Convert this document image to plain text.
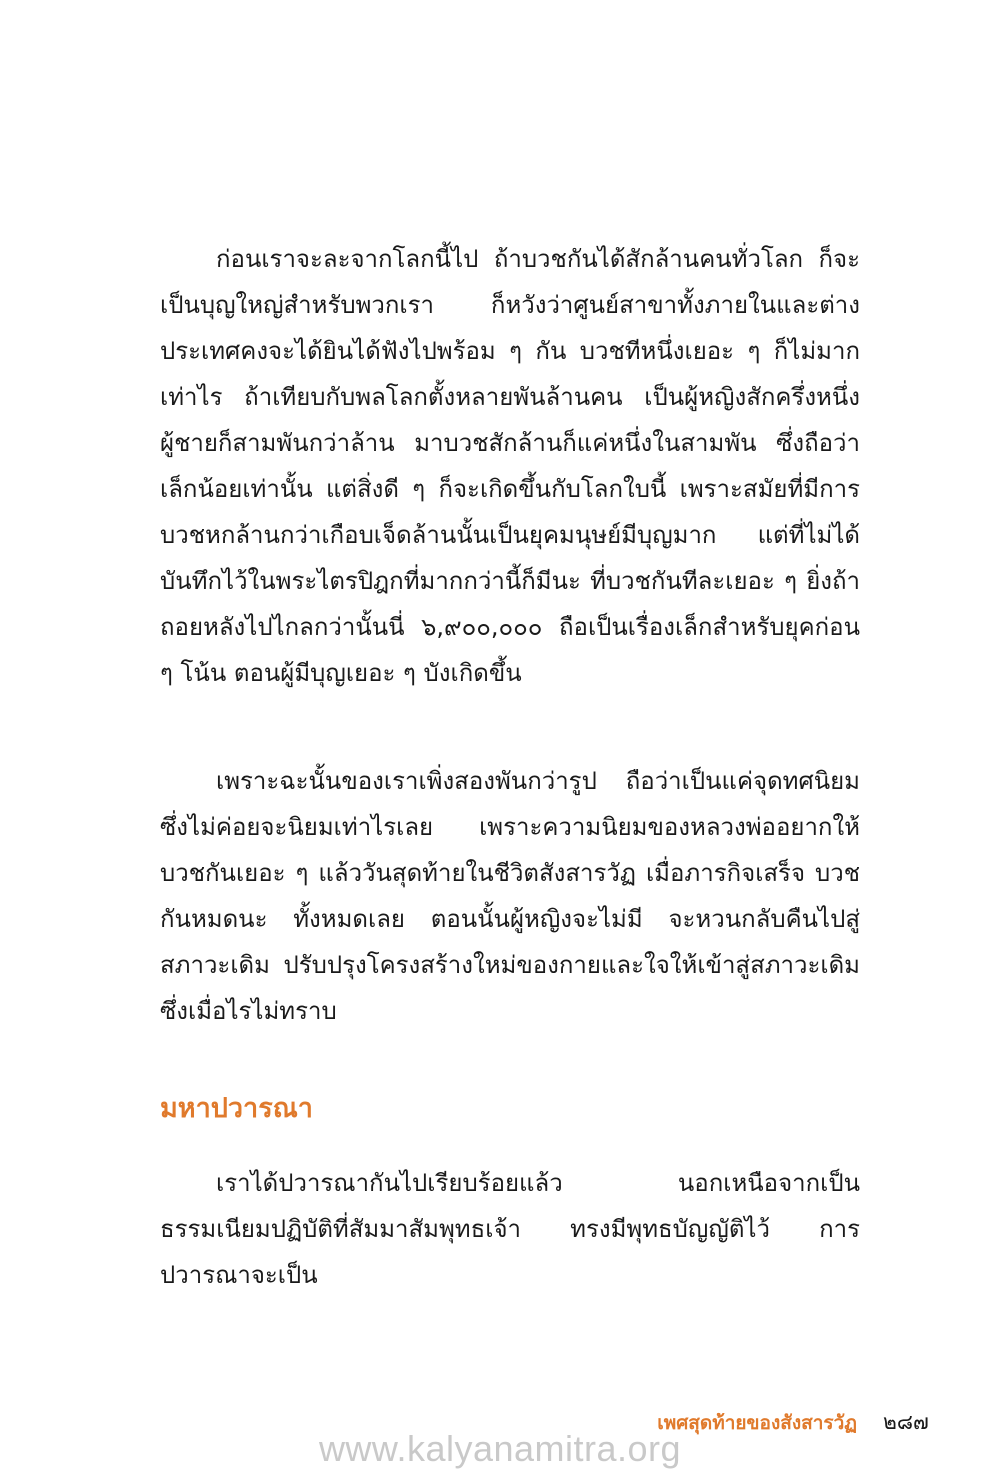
ก่อนเราจะละจากโลกนี้ไป ถ้าบวชกันได้สักล้านคนทั่วโลก ก็จะเป็นบุญใหญ่สำหรับพวกเรา ก็หวังว่าศูนย์สาขาทั้งภายในและต่างประเทศคงจะได้ยินได้ฟังไปพร้อม ๆ กัน บวชทีหนึ่งเยอะ ๆ ก็ไม่มากเท่าไร ถ้าเทียบกับพลโลกตั้งหลายพันล้านคน เป็นผู้หญิงสักครึ่งหนึ่ง ผู้ชายก็สามพันกว่าล้าน มาบวชสักล้านก็แค่หนึ่งในสามพัน ซึ่งถือว่าเล็กน้อยเท่านั้น แต่สิ่งดี ๆ ก็จะเกิดขึ้นกับโลกใบนี้ เพราะสมัยที่มีการบวชหกล้านกว่าเกือบเจ็ดล้านนั้นเป็นยุคมนุษย์มีบุญมาก แต่ที่ไม่ได้บันทึกไว้ในพระไตรปิฎกที่มากกว่านี้ก็มีนะ ที่บวชกันทีละเยอะ ๆ ยิ่งถ้าถอยหลังไปไกลกว่านั้นนี่ ๖,๙๐๐,๐๐๐ ถือเป็นเรื่องเล็กสำหรับยุคก่อน ๆ โน้น ตอนผู้มีบุญเยอะ ๆ บังเกิดขึ้น

เพราะฉะนั้นของเราเพิ่งสองพันกว่ารูป ถือว่าเป็นแค่จุดทศนิยม ซึ่งไม่ค่อยจะนิยมเท่าไรเลย เพราะความนิยมของหลวงพ่ออยากให้บวชกันเยอะ ๆ แล้ววันสุดท้ายในชีวิตสังสารวัฏ เมื่อภารกิจเสร็จ บวชกันหมดนะ ทั้งหมดเลย ตอนนั้นผู้หญิงจะไม่มี จะหวนกลับคืนไปสู่สภาวะเดิม ปรับปรุงโครงสร้างใหม่ของกายและใจให้เข้าสู่สภาวะเดิม ซึ่งเมื่อไรไม่ทราบ

มหาปวารณา

เราได้ปวารณากันไปเรียบร้อยแล้ว นอกเหนือจากเป็นธรรมเนียมปฏิบัติที่สัมมาสัมพุทธเจ้า ทรงมีพุทธบัญญัติไว้ การปวารณาจะเป็น

เพศสุดท้ายของสังสารวัฏ ๒๘๗
www.kalyanamitra.org
